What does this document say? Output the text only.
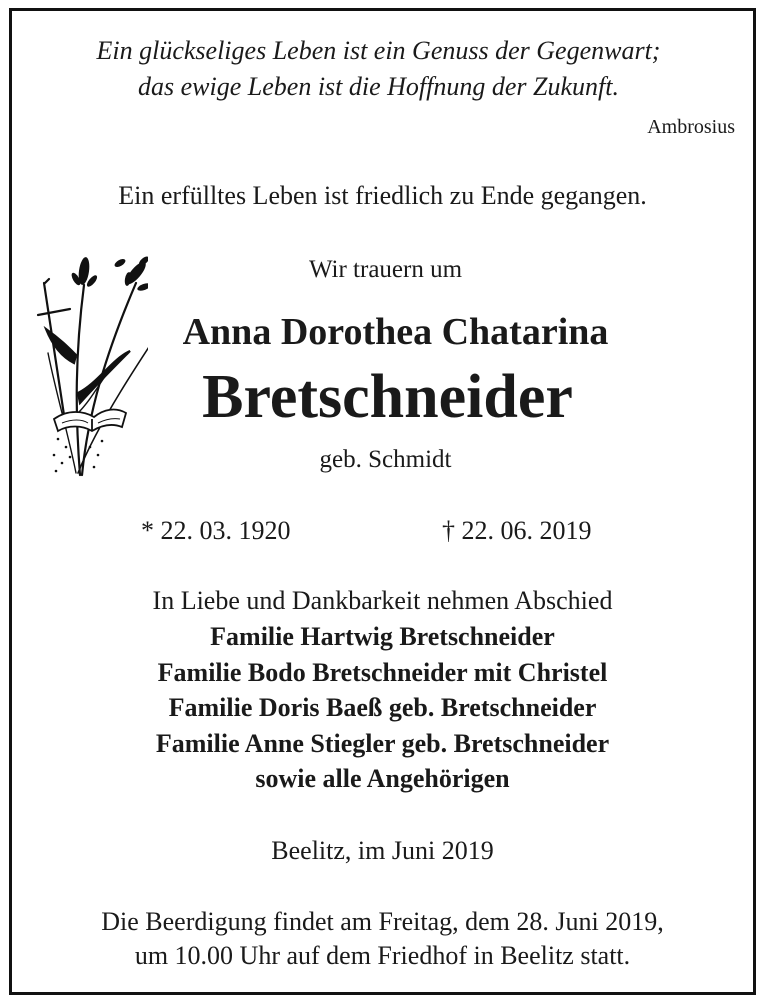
Ein glückseliges Leben ist ein Genuss der Gegenwart;
das ewige Leben ist die Hoffnung der Zukunft.
Ambrosius
Ein erfülltes Leben ist friedlich zu Ende gegangen.
Wir trauern um
Anna Dorothea Chatarina
Bretschneider
geb. Schmidt
* 22. 03. 1920	† 22. 06. 2019
In Liebe und Dankbarkeit nehmen Abschied
Familie Hartwig Bretschneider
Familie Bodo Bretschneider mit Christel
Familie Doris Baeß geb. Bretschneider
Familie Anne Stiegler geb. Bretschneider
sowie alle Angehörigen
Beelitz, im Juni 2019
Die Beerdigung findet am Freitag, dem 28. Juni 2019,
um 10.00 Uhr auf dem Friedhof in Beelitz statt.
